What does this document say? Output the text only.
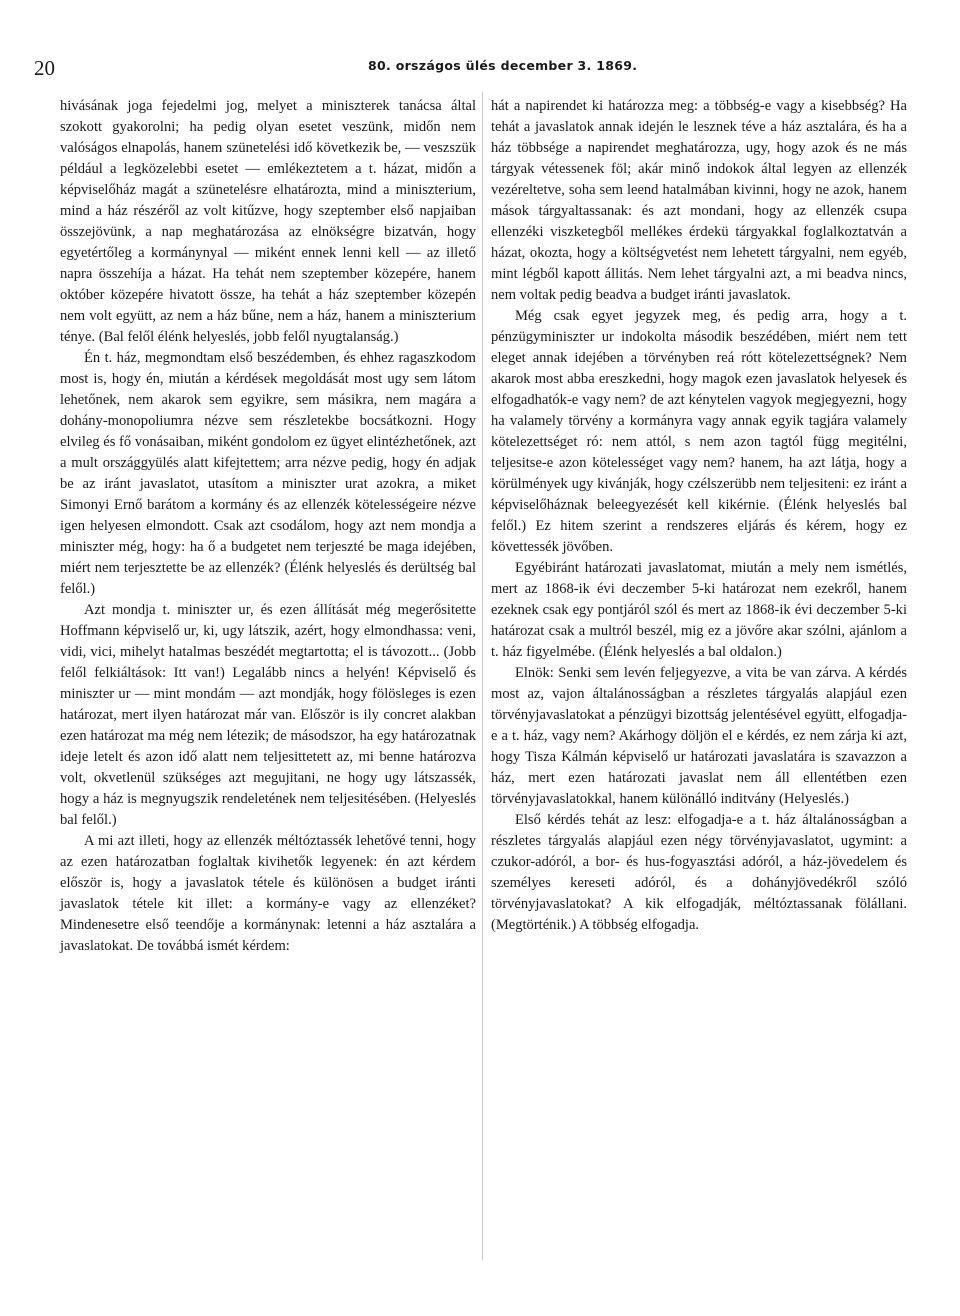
20	80. országos ülés december 3. 1869.

hivásának joga fejedelmi jog, melyet a miniszterek tanácsa által szokott gyakorolni; ha pedig olyan esetet veszünk, midőn nem valóságos elnapolás, hanem szünetelési idő következik be, — veszszük például a legközelebbi esetet — emlékeztetem a t. házat, midőn a képviselőház magát a szünetelésre elhatározta, mind a miniszterium, mind a ház részéről az volt kitűzve, hogy szeptember első napjaiban összejövünk, a nap meghatározása az elnökségre bizatván, hogy egyetértőleg a kormánynyal — miként ennek lenni kell — az illető napra összehíja a házat. Ha tehát nem szeptember közepére, hanem október közepére hivatott össze, ha tehát a ház szeptember közepén nem volt együtt, az nem a ház bűne, nem a ház, hanem a miniszterium ténye. (Bal felől élénk helyeslés, jobb felől nyugtalanság.)

Én t. ház, megmondtam első beszédemben, és ehhez ragaszkodom most is, hogy én, miután a kérdések megoldását most ugy sem látom lehetőnek, nem akarok sem egyikre, sem másikra, nem magára a dohány-monopoliumra nézve sem részletekbe bocsátkozni. Hogy elvileg és fő vonásaiban, miként gondolom ez ügyet elintézhetőnek, azt a mult országgyülés alatt kifejtettem; arra nézve pedig, hogy én adjak be az iránt javaslatot, utasítom a miniszter urat azokra, a miket Simonyi Ernő barátom a kormány és az ellenzék kötelességeire nézve igen helyesen elmondott. Csak azt csodálom, hogy azt nem mondja a miniszter még, hogy: ha ő a budgetet nem terjeszté be maga idejében, miért nem terjesztette be az ellenzék? (Élénk helyeslés és derültség bal felől.)

Azt mondja t. miniszter ur, és ezen állítását még megerősitette Hoffmann képviselő ur, ki, ugy látszik, azért, hogy elmondhassa: veni, vidi, vici, mihelyt hatalmas beszédét megtartotta; el is távozott... (Jobb felől felkiáltások: Itt van!) Legalább nincs a helyén! Képviselő és miniszter ur — mint mondám — azt mondják, hogy fölösleges is ezen határozat, mert ilyen határozat már van. Először is ily concret alakban ezen határozat ma még nem létezik; de másodszor, ha egy határozatnak ideje letelt és azon idő alatt nem teljesittetett az, mi benne határozva volt, okvetlenül szükséges azt megujitani, ne hogy ugy látszassék, hogy a ház is megnyugszik rendeletének nem teljesitésében. (Helyeslés bal felől.)

A mi azt illeti, hogy az ellenzék méltóztassék lehetővé tenni, hogy az ezen határozatban foglaltak kivihetők legyenek: én azt kérdem először is, hogy a javaslatok tétele és különösen a budget iránti javaslatok tétele kit illet: a kormány-e vagy az ellenzéket? Mindenesetre első teendője a kormánynak: letenni a ház asztalára a javaslatokat. De továbbá ismét kérdem:

hát a napirendet ki határozza meg: a többség-e vagy a kisebbség? Ha tehát a javaslatok annak idején le lesznek téve a ház asztalára, és ha a ház többsége a napirendet meghatározza, ugy, hogy azok és ne más tárgyak vétessenek föl; akár minő indokok által legyen az ellenzék vezéreltetve, soha sem leend hatalmában kivinni, hogy ne azok, hanem mások tárgyaltassanak: és azt mondani, hogy az ellenzék csupa ellenzéki viszketegből mellékes érdekü tárgyakkal foglalkoztatván a házat, okozta, hogy a költségvetést nem lehetett tárgyalni, nem egyéb, mint légből kapott állitás. Nem lehet tárgyalni azt, a mi beadva nincs, nem voltak pedig beadva a budget iránti javaslatok.

Még csak egyet jegyzek meg, és pedig arra, hogy a t. pénzügyminiszter ur indokolta második beszédében, miért nem tett eleget annak idejében a törvényben reá rótt kötelezettségnek? Nem akarok most abba ereszkedni, hogy magok ezen javaslatok helyesek és elfogadhatók-e vagy nem? de azt kénytelen vagyok megjegyezni, hogy ha valamely törvény a kormányra vagy annak egyik tagjára valamely kötelezettséget ró: nem attól, s nem azon tagtól függ megitélni, teljesitse-e azon kötelességet vagy nem? hanem, ha azt látja, hogy a körülmények ugy kivánják, hogy czélszerübb nem teljesiteni: ez iránt a képviselőháznak beleegyezését kell kikérnie. (Élénk helyeslés bal felől.) Ez hitem szerint a rendszeres eljárás és kérem, hogy ez követtessék jövőben.

Egyébiránt határozati javaslatomat, miután a mely nem ismétlés, mert az 1868-ik évi deczember 5-ki határozat nem ezekről, hanem ezeknek csak egy pontjáról szól és mert az 1868-ik évi deczember 5-ki határozat csak a multról beszél, mig ez a jövőre akar szólni, ajánlom a t. ház figyelmébe. (Élénk helyeslés a bal oldalon.)

Elnök: Senki sem levén feljegyezve, a vita be van zárva. A kérdés most az, vajon általánosságban a részletes tárgyalás alapjául ezen törvényjavaslatokat a pénzügyi bizottság jelentésével együtt, elfogadja-e a t. ház, vagy nem? Akárhogy döljön el e kérdés, ez nem zárja ki azt, hogy Tisza Kálmán képviselő ur határozati javaslatára is szavazzon a ház, mert ezen határozati javaslat nem áll ellentétben ezen törvényjavaslatokkal, hanem különálló inditvány (Helyeslés.)

Első kérdés tehát az lesz: elfogadja-e a t. ház általánosságban a részletes tárgyalás alapjául ezen négy törvényjavaslatot, ugymint: a czukor-adóról, a bor- és hus-fogyasztási adóról, a ház-jövedelem és személyes kereseti adóról, és a dohányjövedékről szóló törvényjavaslatokat? A kik elfogadják, méltóztassanak fölállani. (Megtörténik.) A többség elfogadja.
